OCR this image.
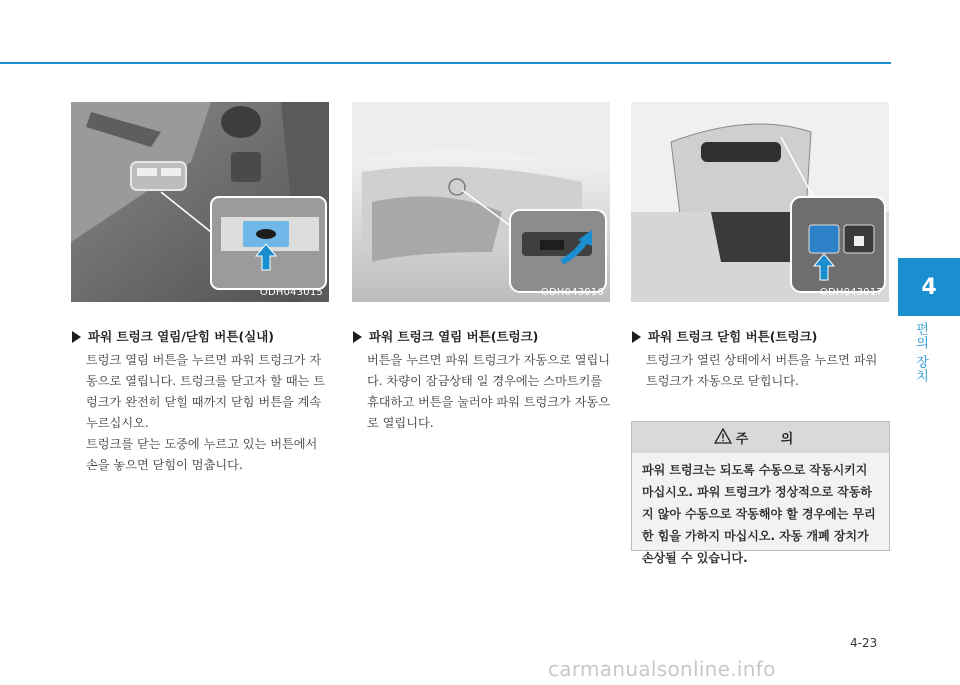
4
편의 장치
ODH043015	ODH043016	ODH043017
파워 트렁크 열림/닫힘 버튼(실내)

트렁크 열림 버튼을 누르면 파워 트렁크가 자동으로 열립니다. 트렁크를 닫고자 할 때는 트렁크가 완전히 닫힐 때까지 닫힘 버튼을 계속 누르십시오.

트렁크를 닫는 도중에 누르고 있는 버튼에서 손을 놓으면 닫힘이 멈춥니다.

파워 트렁크 열림 버튼(트렁크)

버튼을 누르면 파워 트렁크가 자동으로 열립니다. 차량이 잠금상태 일 경우에는 스마트키를 휴대하고 버튼을 눌러야 파워 트렁크가 자동으로 열립니다.

파워 트렁크 닫힘 버튼(트렁크)

트렁크가 열린 상태에서 버튼을 누르면 파워 트렁크가 자동으로 닫힙니다.

주 의
파워 트렁크는 되도록 수동으로 작동시키지 마십시오. 파워 트렁크가 정상적으로 작동하지 않아 수동으로 작동해야 할 경우에는 무리한 힘을 가하지 마십시오. 자동 개폐 장치가 손상될 수 있습니다.
4-23
carmanualsonline.info
